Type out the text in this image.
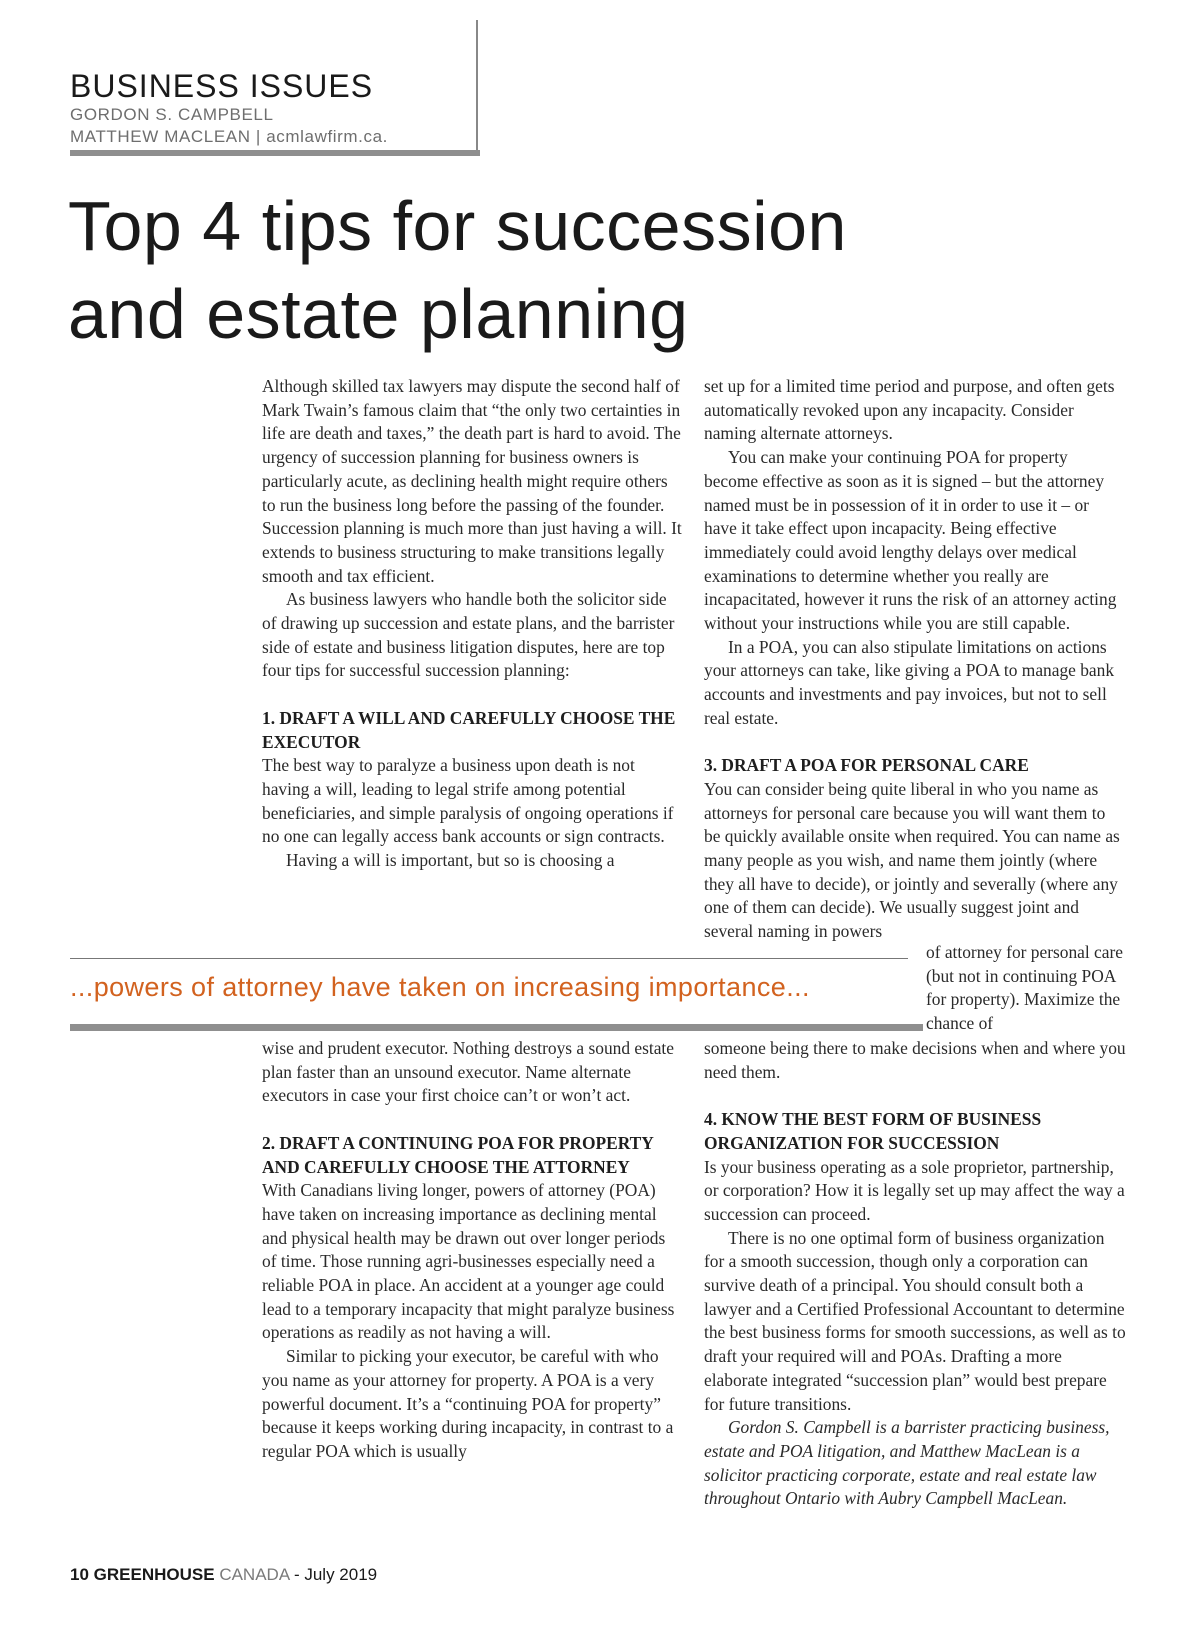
BUSINESS ISSUES
GORDON S. CAMPBELL
MATTHEW MACLEAN | acmlawfirm.ca.
Top 4 tips for succession
and estate planning

Although skilled tax lawyers may dispute the second half of Mark Twain’s famous claim that “the only two certainties in life are death and taxes,” the death part is hard to avoid. The urgency of succession planning for business owners is particularly acute, as declining health might require others to run the business long before the passing of the founder. Succession planning is much more than just having a will. It extends to business structuring to make transitions legally smooth and tax efficient.

As business lawyers who handle both the solicitor side of drawing up succession and estate plans, and the barrister side of estate and business litigation disputes, here are top four tips for successful succession planning:

1. DRAFT A WILL AND CAREFULLY CHOOSE THE EXECUTOR

The best way to paralyze a business upon death is not having a will, leading to legal strife among potential beneficiaries, and simple paralysis of ongoing operations if no one can legally access bank accounts or sign contracts.

Having a will is important, but so is choosing a

set up for a limited time period and purpose, and often gets automatically revoked upon any incapacity. Consider naming alternate attorneys.

You can make your continuing POA for property become effective as soon as it is signed – but the attorney named must be in possession of it in order to use it – or have it take effect upon incapacity. Being effective immediately could avoid lengthy delays over medical examinations to determine whether you really are incapacitated, however it runs the risk of an attorney acting without your instructions while you are still capable.

In a POA, you can also stipulate limitations on actions your attorneys can take, like giving a POA to manage bank accounts and investments and pay invoices, but not to sell real estate.

3. DRAFT A POA FOR PERSONAL CARE

You can consider being quite liberal in who you name as attorneys for personal care because you will want them to be quickly available onsite when required. You can name as many people as you wish, and name them jointly (where they all have to decide), or jointly and severally (where any one of them can decide). We usually suggest joint and several naming in powers

of attorney for personal care (but not in continuing POA for property). Maximize the chance of
...powers of attorney have taken on increasing importance...

wise and prudent executor. Nothing destroys a sound estate plan faster than an unsound executor. Name alternate executors in case your first choice can’t or won’t act.

2. DRAFT A CONTINUING POA FOR PROPERTY AND CAREFULLY CHOOSE THE ATTORNEY

With Canadians living longer, powers of attorney (POA) have taken on increasing importance as declining mental and physical health may be drawn out over longer periods of time. Those running agri-businesses especially need a reliable POA in place. An accident at a younger age could lead to a temporary incapacity that might paralyze business operations as readily as not having a will.

Similar to picking your executor, be careful with who you name as your attorney for property. A POA is a very powerful document. It’s a “continuing POA for property” because it keeps working during incapacity, in contrast to a regular POA which is usually

someone being there to make decisions when and where you need them.

4. KNOW THE BEST FORM OF BUSINESS ORGANIZATION FOR SUCCESSION

Is your business operating as a sole proprietor, partnership, or corporation? How it is legally set up may affect the way a succession can proceed.

There is no one optimal form of business organization for a smooth succession, though only a corporation can survive death of a principal. You should consult both a lawyer and a Certified Professional Accountant to determine the best business forms for smooth successions, as well as to draft your required will and POAs. Drafting a more elaborate integrated “succession plan” would best prepare for future transitions.

Gordon S. Campbell is a barrister practicing business, estate and POA litigation, and Matthew MacLean is a solicitor practicing corporate, estate and real estate law throughout Ontario with Aubry Campbell MacLean.

10 GREENHOUSE CANADA - July 2019
